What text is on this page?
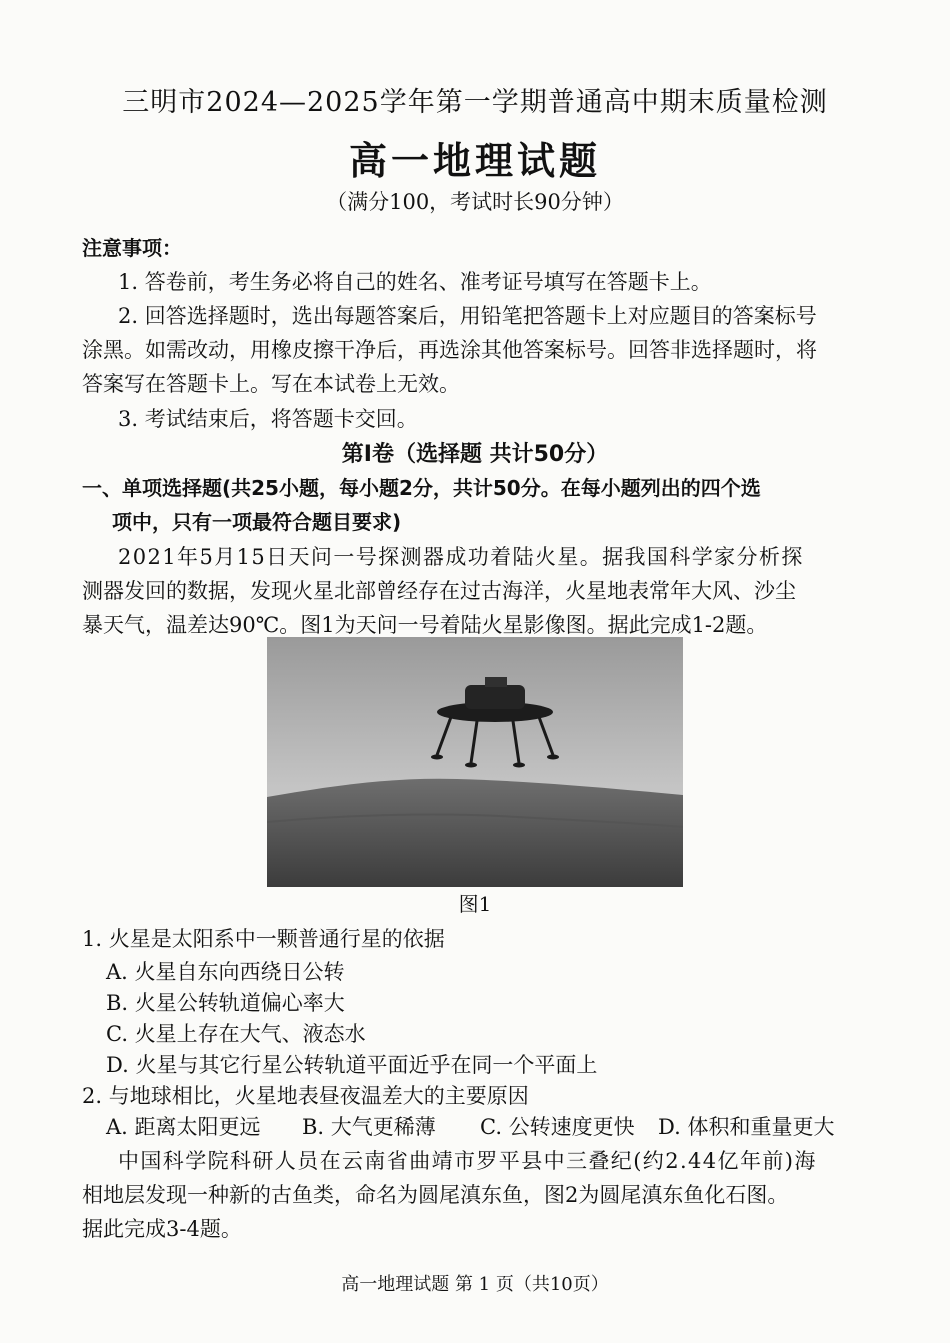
三明市2024—2025学年第一学期普通高中期末质量检测
高一地理试题
（满分100，考试时长90分钟）
注意事项：
1. 答卷前，考生务必将自己的姓名、准考证号填写在答题卡上。
2. 回答选择题时，选出每题答案后，用铅笔把答题卡上对应题目的答案标号
涂黑。如需改动，用橡皮擦干净后，再选涂其他答案标号。回答非选择题时，将
答案写在答题卡上。写在本试卷上无效。
3. 考试结束后，将答题卡交回。
第Ⅰ卷（选择题 共计50分）
一、单项选择题(共25小题，每小题2分，共计50分。在每小题列出的四个选
项中，只有一项最符合题目要求)
2021年5月15日天问一号探测器成功着陆火星。据我国科学家分析探
测器发回的数据，发现火星北部曾经存在过古海洋，火星地表常年大风、沙尘
暴天气，温差达90℃。图1为天问一号着陆火星影像图。据此完成1-2题。
图1
1. 火星是太阳系中一颗普通行星的依据
A. 火星自东向西绕日公转
B. 火星公转轨道偏心率大
C. 火星上存在大气、液态水
D. 火星与其它行星公转轨道平面近乎在同一个平面上
2. 与地球相比，火星地表昼夜温差大的主要原因
A. 距离太阳更远 B. 大气更稀薄 C. 公转速度更快 D. 体积和重量更大
中国科学院科研人员在云南省曲靖市罗平县中三叠纪(约2.44亿年前)海
相地层发现一种新的古鱼类，命名为圆尾滇东鱼，图2为圆尾滇东鱼化石图。
据此完成3-4题。
高一地理试题 第 1 页（共10页）
